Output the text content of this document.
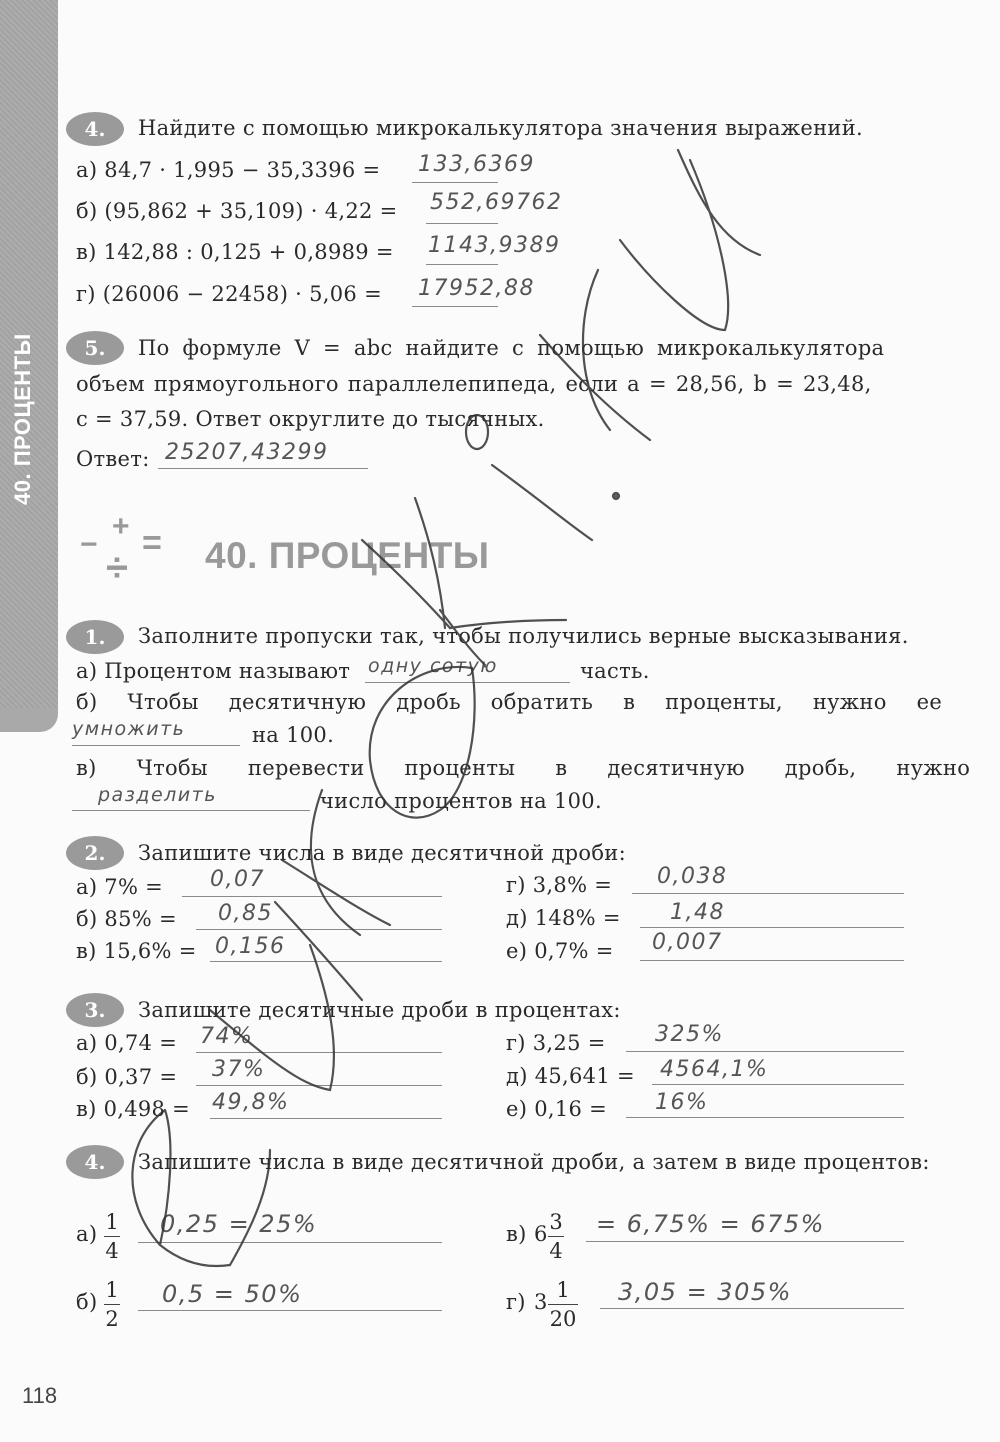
40. ПРОЦЕНТЫ
4.	Найдите с помощью микрокалькулятора значения выражений.
а) 84,7 · 1,995 − 35,3396 = 133,6369
б) (95,862 + 35,109) · 4,22 = 552,69762
в) 142,88 : 0,125 + 0,8989 = 1143,9389
г) (26006 − 22458) · 5,06 = 17952,88
5.	По формуле V = abc найдите с помощью микрокалькулятора
объем прямоугольного параллелепипеда, если a = 28,56, b = 23,48,
c = 37,59. Ответ округлите до тысячных.
Ответ: 25207,43299
+
− =
÷ 40. ПРОЦЕНТЫ
1.	Заполните пропуски так, чтобы получились верные высказывания.
а) Процентом называют одну сотую	часть.
б) Чтобы десятичную дробь обратить в проценты, нужно ее
умножить	на 100.
в) Чтобы перевести проценты в десятичную дробь, нужно
разделить	число процентов на 100.
2.	Запишите числа в виде десятичной дроби:
а) 7% = 0,07
б) 85% = 0,85
в) 15,6% = 0,156
г) 3,8% = 0,038
д) 148% = 1,48
е) 0,7% = 0,007
3.	Запишите десятичные дроби в процентах:
а) 0,74 = 74%
б) 0,37 = 37%
в) 0,498 = 49,8%
г) 3,25 = 325%
д) 45,641 = 4564,1%
е) 0,16 = 16%
4.	Запишите числа в виде десятичной дроби, а затем в виде процентов:
а) 1
4
0,25 = 25%
б) 1
2
0,5 = 50%
в) 6 3
4
= 6,75% = 675%
г) 3 1
20
3,05 = 305%
118
